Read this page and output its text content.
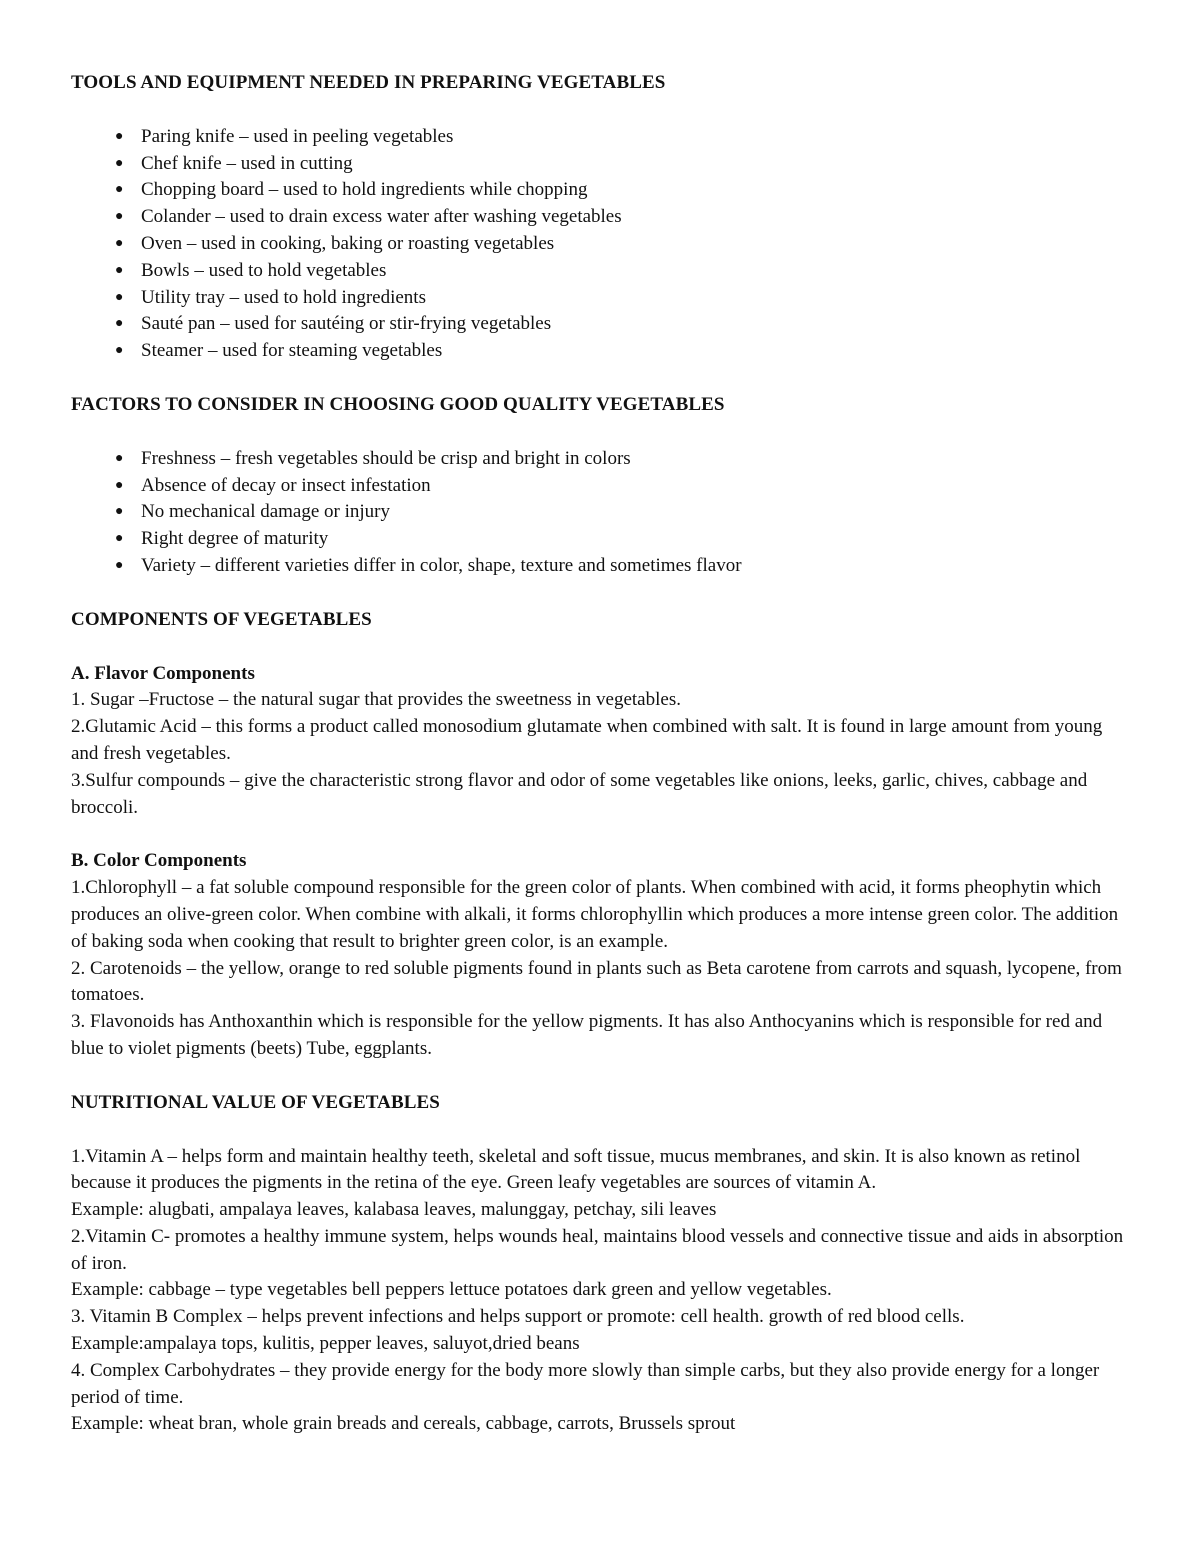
TOOLS AND EQUIPMENT NEEDED IN PREPARING VEGETABLES
● Paring knife – used in peeling vegetables
● Chef knife – used in cutting
● Chopping board – used to hold ingredients while chopping
● Colander – used to drain excess water after washing vegetables
● Oven – used in cooking, baking or roasting vegetables
● Bowls – used to hold vegetables
● Utility tray – used to hold ingredients
● Sauté pan – used for sautéing or stir-frying vegetables
● Steamer – used for steaming vegetables
FACTORS TO CONSIDER IN CHOOSING GOOD QUALITY VEGETABLES
● Freshness – fresh vegetables should be crisp and bright in colors
● Absence of decay or insect infestation
● No mechanical damage or injury
● Right degree of maturity
● Variety – different varieties differ in color, shape, texture and sometimes flavor
COMPONENTS OF VEGETABLES

A. Flavor Components

1. Sugar –Fructose – the natural sugar that provides the sweetness in vegetables.

2.Glutamic Acid – this forms a product called monosodium glutamate when combined with salt. It is found in large amount from young and fresh vegetables.

3.Sulfur compounds – give the characteristic strong flavor and odor of some vegetables like onions, leeks, garlic, chives, cabbage and broccoli.

B. Color Components

1.Chlorophyll – a fat soluble compound responsible for the green color of plants. When combined with acid, it forms pheophytin which produces an olive-green color. When combine with alkali, it forms chlorophyllin which produces a more intense green color. The addition of baking soda when cooking that result to brighter green color, is an example.

2. Carotenoids – the yellow, orange to red soluble pigments found in plants such as Beta carotene from carrots and squash, lycopene, from tomatoes.

3. Flavonoids has Anthoxanthin which is responsible for the yellow pigments. It has also Anthocyanins which is responsible for red and blue to violet pigments (beets) Tube, eggplants.

NUTRITIONAL VALUE OF VEGETABLES

1.Vitamin A – helps form and maintain healthy teeth, skeletal and soft tissue, mucus membranes, and skin. It is also known as retinol because it produces the pigments in the retina of the eye. Green leafy vegetables are sources of vitamin A.

Example: alugbati, ampalaya leaves, kalabasa leaves, malunggay, petchay, sili leaves

2.Vitamin C- promotes a healthy immune system, helps wounds heal, maintains blood vessels and connective tissue and aids in absorption of iron.

Example: cabbage – type vegetables bell peppers lettuce potatoes dark green and yellow vegetables.

3. Vitamin B Complex – helps prevent infections and helps support or promote: cell health. growth of red blood cells.

Example:ampalaya tops, kulitis, pepper leaves, saluyot,dried beans

4. Complex Carbohydrates – they provide energy for the body more slowly than simple carbs, but they also provide energy for a longer period of time.

Example: wheat bran, whole grain breads and cereals, cabbage, carrots, Brussels sprout
